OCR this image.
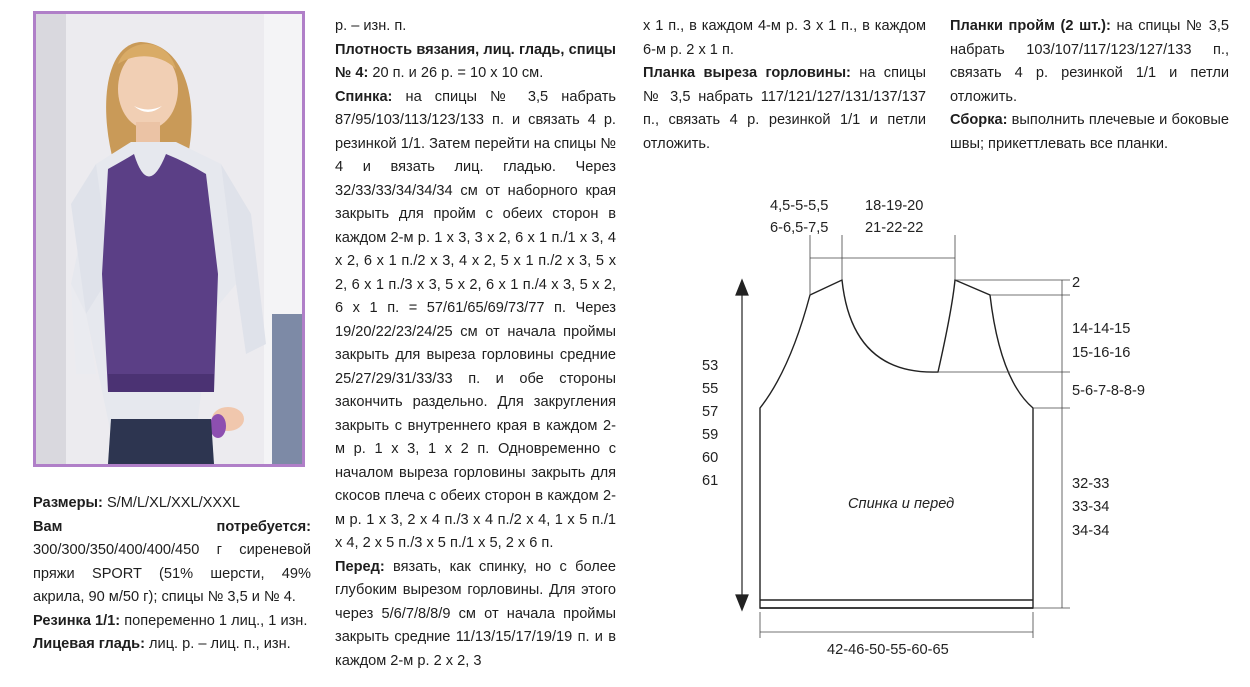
Размеры: S/M/L/XL/XXL/XXXL

Вам потребуется: 300/300/350/400/400/450 г сиреневой пряжи SPORT (51% шерсти, 49% акрила, 90 м/50 г); спицы № 3,5 и № 4.

Резинка 1/1: попеременно 1 лиц., 1 изн.

Лицевая гладь: лиц. р. – лиц. п., изн.

р. – изн. п.

Плотность вязания, лиц. гладь, спицы № 4: 20 п. и 26 р. = 10 х 10 см.

Спинка: на спицы № 3,5 набрать 87/95/103/113/123/133 п. и связать 4 р. резинкой 1/1. Затем перейти на спицы № 4 и вязать лиц. гладью. Через 32/33/33/34/34/34 см от наборного края закрыть для пройм с обеих сторон в каждом 2-м р. 1 х 3, 3 х 2, 6 х 1 п./1 х 3, 4 х 2, 6 х 1 п./2 х 3, 4 х 2, 5 х 1 п./2 х 3, 5 х 2, 6 х 1 п./3 х 3, 5 х 2, 6 х 1 п./4 х 3, 5 х 2, 6 х 1 п. = 57/61/65/69/73/77 п. Через 19/20/22/23/24/25 см от начала проймы закрыть для выреза горловины средние 25/27/29/31/33/33 п. и обе стороны закончить раздельно. Для закругления закрыть с внутреннего края в каждом 2-м р. 1 х 3, 1 х 2 п. Одновременно с началом выреза горловины закрыть для скосов плеча с обеих сторон в каждом 2-м р. 1 х 3, 2 х 4 п./3 х 4 п./2 х 4, 1 х 5 п./1 х 4, 2 х 5 п./3 х 5 п./1 х 5, 2 х 6 п.

Перед: вязать, как спинку, но с более глубоким вырезом горловины. Для этого через 5/6/7/8/8/9 см от начала проймы закрыть средние 11/13/15/17/19/19 п. и в каждом 2-м р. 2 х 2, 3

х 1 п., в каждом 4-м р. 3 х 1 п., в каждом 6-м р. 2 х 1 п.

Планка выреза горловины: на спицы № 3,5 набрать 117/121/127/131/137/137 п., связать 4 р. резинкой 1/1 и петли отложить.

Планки пройм (2 шт.): на спицы № 3,5 набрать 103/107/117/123/127/133 п., связать 4 р. резинкой 1/1 и петли отложить.

Сборка: выполнить плечевые и боковые швы; прикеттлевать все планки.

4,5-5-5,5
6-6,5-7,5
18-19-20
21-22-22
2
14-14-15
15-16-16
5-6-7-8-8-9
32-33
33-34
34-34
53
55
57
59
60
61
Спинка и перед
42-46-50-55-60-65
